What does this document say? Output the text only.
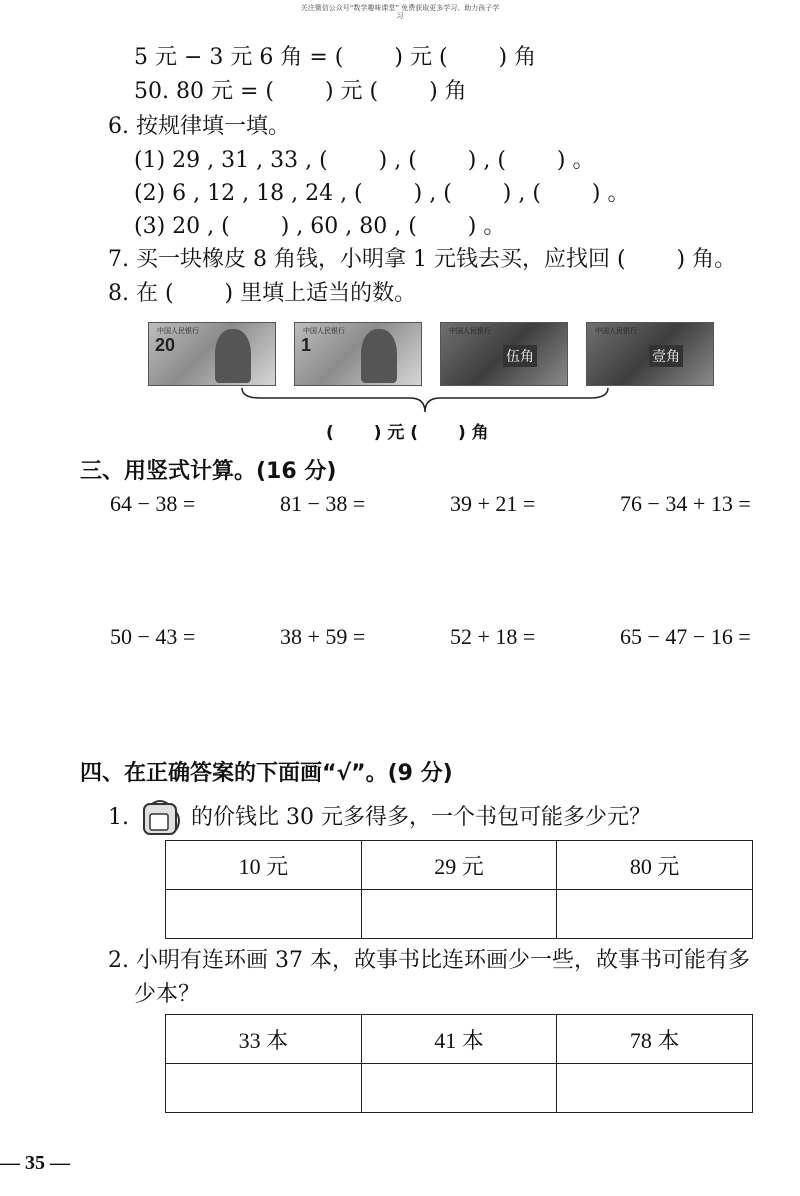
关注微信公众号“数学趣味课堂” 免费获取更多学习、助力孩子学习
5 元 − 3 元 6 角 = (　　 ) 元 (　　 ) 角
50. 80 元 = (　　 ) 元 (　　 ) 角
6. 按规律填一填。
(1) 29 , 31 , 33 , (　　 ) , (　　 ) , (　　 ) 。
(2) 6 , 12 , 18 , 24 , (　　 ) , (　　 ) , (　　 ) 。
(3) 20 , (　　 ) , 60 , 80 , (　　 ) 。
7. 买一块橡皮 8 角钱，小明拿 1 元钱去买，应找回 (　　 ) 角。
8. 在 (　　 ) 里填上适当的数。
中国人民银行
20
中国人民银行
1
中国人民银行
伍角
中国人民银行
壹角
(　　 ) 元 (　　 ) 角
三、用竖式计算。(16 分)
64 − 38 =	81 − 38 =	39 + 21 =	76 − 34 + 13 =
50 − 43 =	38 + 59 =	52 + 18 =	65 − 47 − 16 =
四、在正确答案的下面画“√”。(9 分)
1.	的价钱比 30 元多得多，一个书包可能多少元？
10 元	29 元	80 元

2. 小明有连环画 37 本，故事书比连环画少一些，故事书可能有多
少本？
33 本	41 本	78 本

— 35 —
